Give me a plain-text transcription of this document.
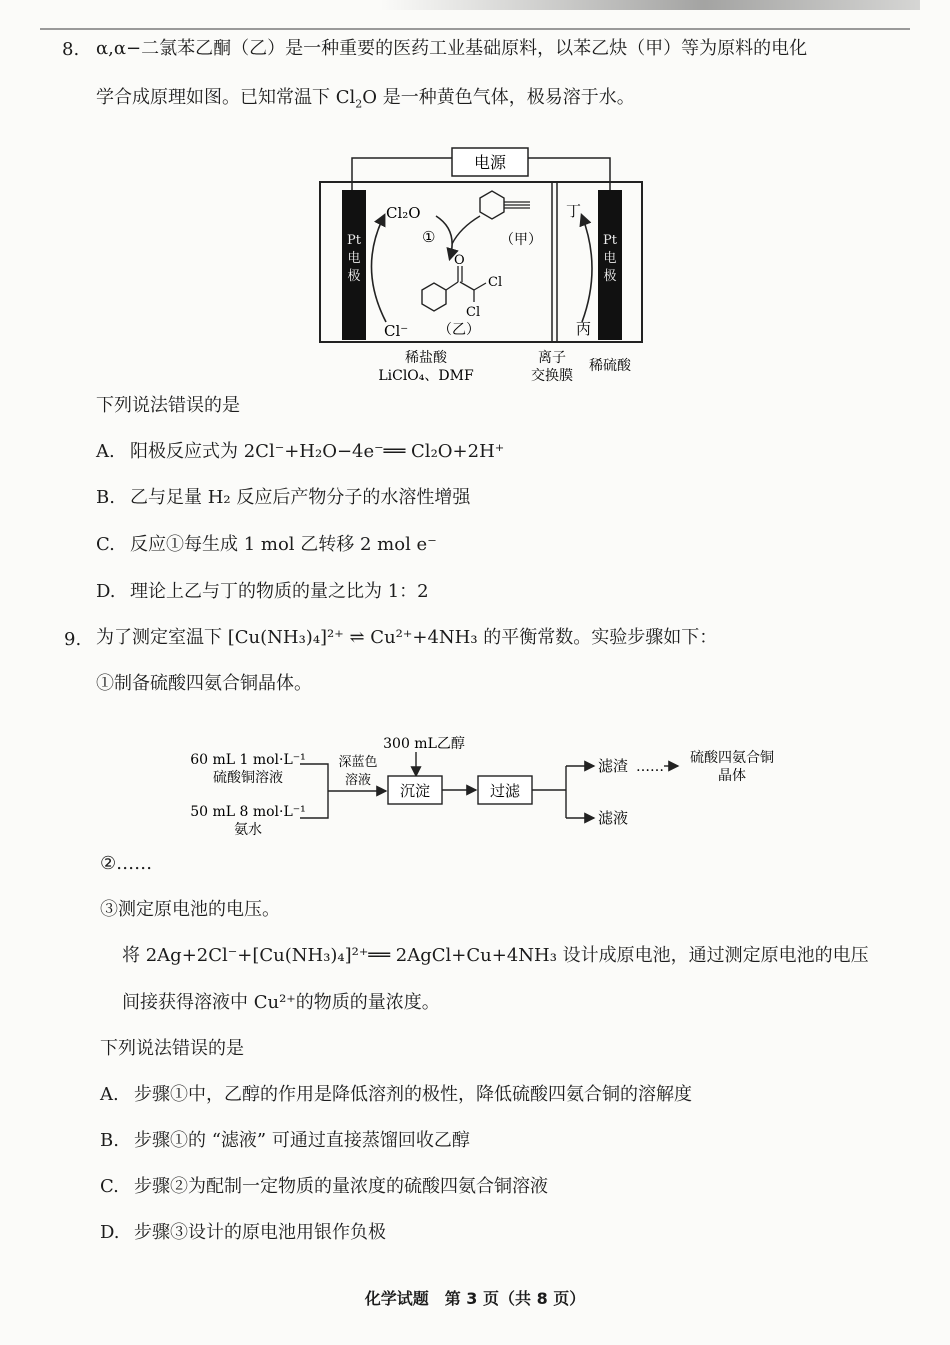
8. α,α−二氯苯乙酮（乙）是一种重要的医药工业基础原料，以苯乙炔（甲）等为原料的电化
学合成原理如图。已知常温下 $Cl_2O$ 是一种黄色气体，极易溶于水。
电源
Pt
电
极
Pt
电
极
Cl₂O
Cl⁻
①	（甲）
O
Cl
Cl
（乙）
丁
丙
稀盐酸
LiClO₄、DMF
离子
交换膜
稀硫酸
下列说法错误的是
A. 阳极反应式为 2Cl⁻+H₂O−4e⁻══ Cl₂O+2H⁺
B. 乙与足量 H₂ 反应后产物分子的水溶性增强
C. 反应①每生成 1 mol 乙转移 2 mol e⁻
D. 理论上乙与丁的物质的量之比为 1：2
9. 为了测定室温下 [Cu(NH₃)₄]²⁺ ⇌ Cu²⁺+4NH₃ 的平衡常数。实验步骤如下：
①制备硫酸四氨合铜晶体。
60 mL 1 mol·L⁻¹
硫酸铜溶液
50 mL 8 mol·L⁻¹
氨水
深蓝色
溶液
300 mL乙醇
沉淀	过滤
滤渣 ……
硫酸四氨合铜
晶体
滤液
②……
③测定原电池的电压。
将 2Ag+2Cl⁻+[Cu(NH₃)₄]²⁺══ 2AgCl+Cu+4NH₃ 设计成原电池，通过测定原电池的电压
间接获得溶液中 Cu²⁺的物质的量浓度。
下列说法错误的是
A. 步骤①中，乙醇的作用是降低溶剂的极性，降低硫酸四氨合铜的溶解度
B. 步骤①的 “滤液” 可通过直接蒸馏回收乙醇
C. 步骤②为配制一定物质的量浓度的硫酸四氨合铜溶液
D. 步骤③设计的原电池用银作负极
化学试题　第 3 页（共 8 页）
